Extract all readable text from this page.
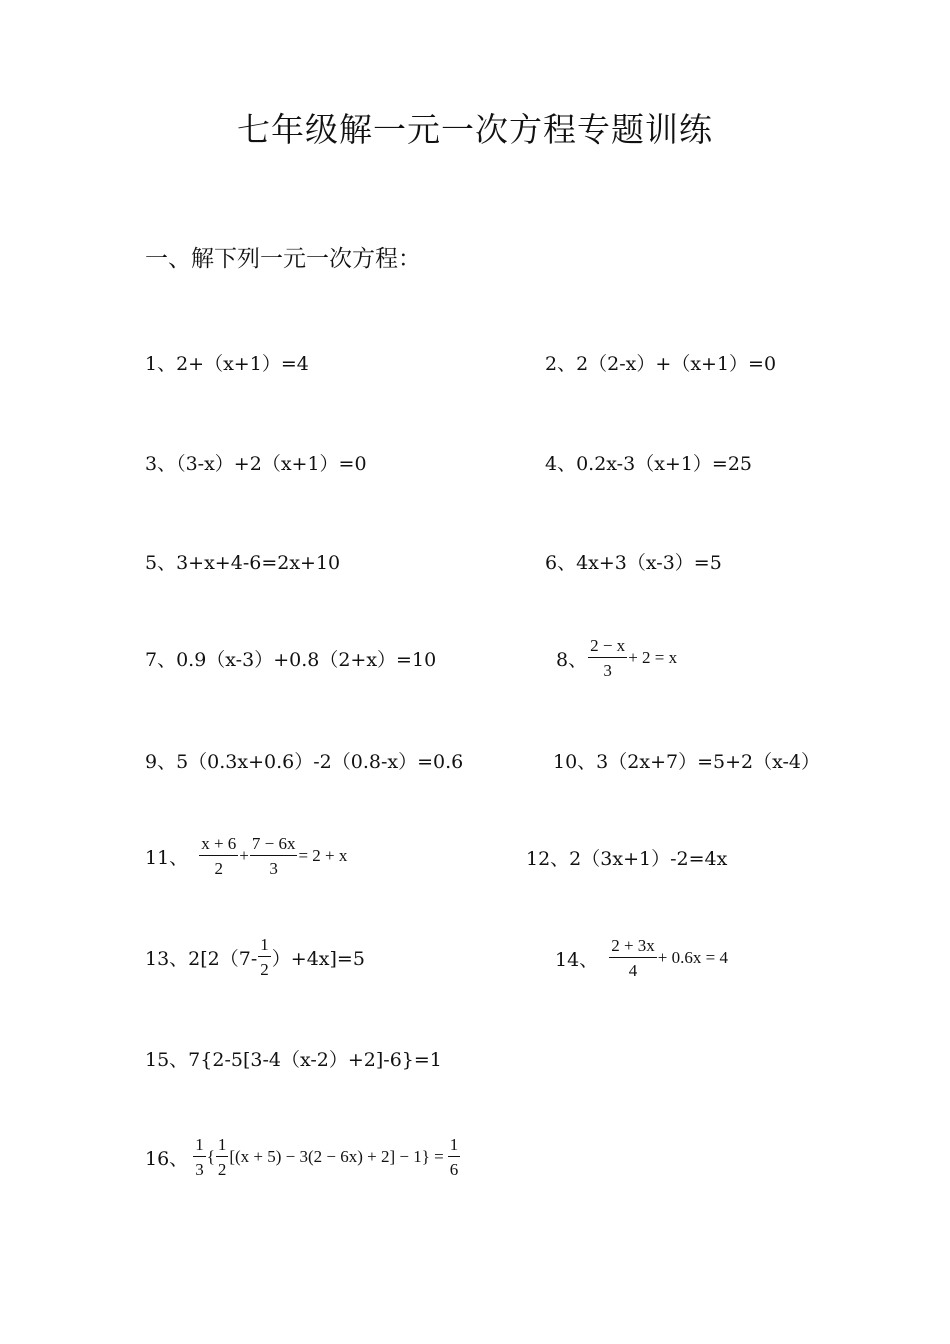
七年级解一元一次方程专题训练
一、解下列一元一次方程：
1、2+（x+1）=4	2、2（2-x）+（x+1）=0
3、（3-x）+2（x+1）=0	4、0.2x-3（x+1）=25
5、3+x+4-6=2x+10	6、4x+3（x-3）=5
7、0.9（x-3）+0.8（2+x）=10	8、 $\frac{2 - x}{3} + 2 = x$
9、5（0.3x+0.6）-2（0.8-x）=0.6	10、3（2x+7）=5+2（x-4）
11、 $\frac{x + 6}{2} + \frac{7 - 6x}{3} = 2 + x$	12、2（3x+1）-2=4x
13、$2[2(7- \frac{1}{2} )+4x]=5$	14、 $\frac{2 + 3x}{4} + 0.6x = 4$
15、7{2-5[3-4（x-2）+2]-6}=1
16、 $\frac{1}{3}$ { $\frac{1}{2} [(x + 5) - 3(2 - 6x) + 2] - 1\} = \frac{1}{6}$
